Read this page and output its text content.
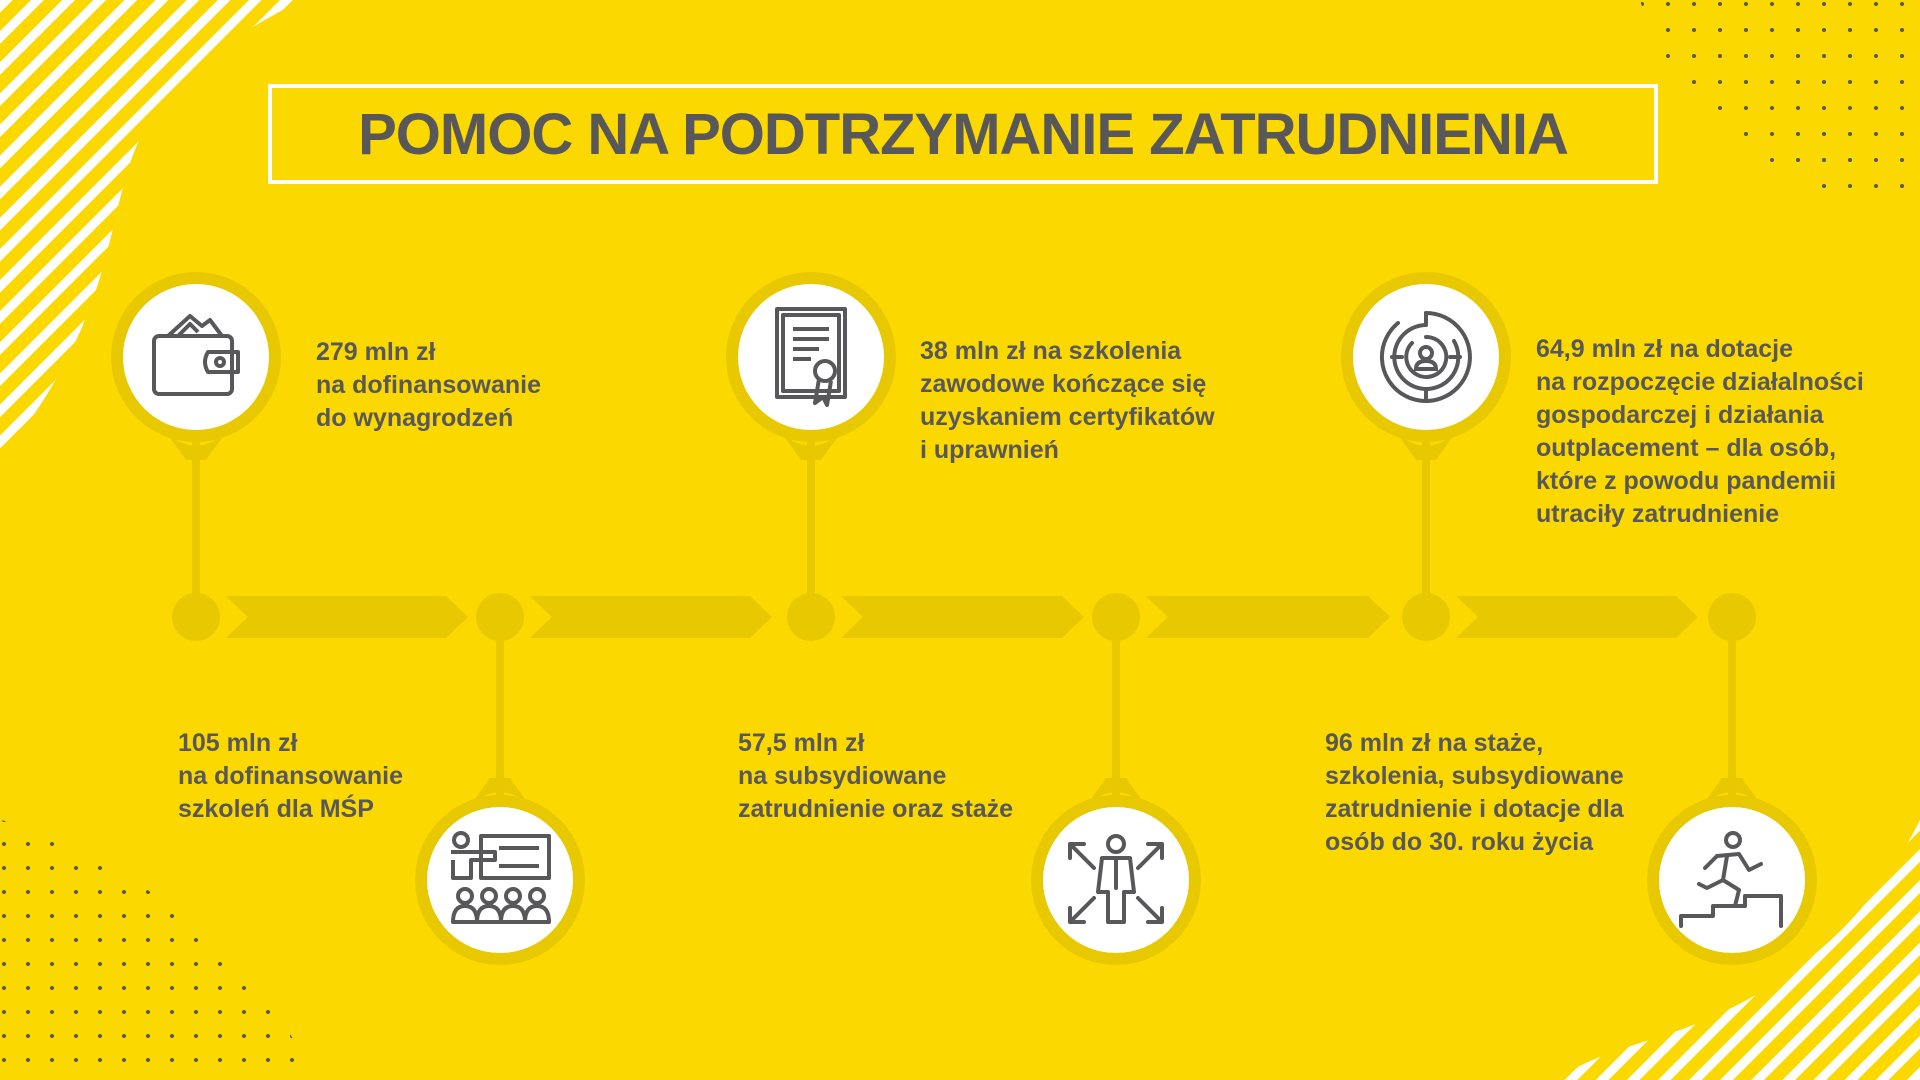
POMOC NA PODTRZYMANIE ZATRUDNIENIA
279 mln zł
na dofinansowanie
do wynagrodzeń
105 mln zł
na dofinansowanie
szkoleń dla MŚP
38 mln zł na szkolenia
zawodowe kończące się
uzyskaniem certyfikatów
i uprawnień
57,5 mln zł
na subsydiowane
zatrudnienie oraz staże
64,9 mln zł na dotacje
na rozpoczęcie działalności
gospodarczej i działania
outplacement – dla osób,
które z powodu pandemii
utraciły zatrudnienie
96 mln zł na staże,
szkolenia, subsydiowane
zatrudnienie i dotacje dla
osób do 30. roku życia
